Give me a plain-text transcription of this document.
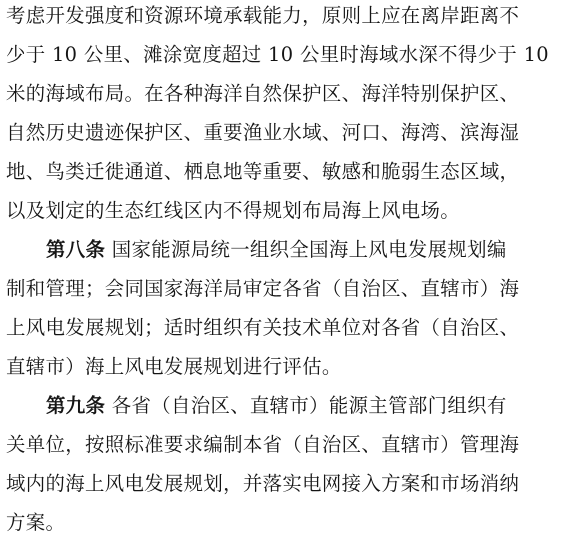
考虑开发强度和资源环境承载能力，原则上应在离岸距离不
少于 10 公里、滩涂宽度超过 10 公里时海域水深不得少于 10
米的海域布局。在各种海洋自然保护区、海洋特别保护区、
自然历史遗迹保护区、重要渔业水域、河口、海湾、滨海湿
地、鸟类迁徙通道、栖息地等重要、敏感和脆弱生态区域，
以及划定的生态红线区内不得规划布局海上风电场。
第八条 国家能源局统一组织全国海上风电发展规划编
制和管理；会同国家海洋局审定各省（自治区、直辖市）海
上风电发展规划；适时组织有关技术单位对各省（自治区、
直辖市）海上风电发展规划进行评估。
第九条 各省（自治区、直辖市）能源主管部门组织有
关单位，按照标准要求编制本省（自治区、直辖市）管理海
域内的海上风电发展规划，并落实电网接入方案和市场消纳
方案。
